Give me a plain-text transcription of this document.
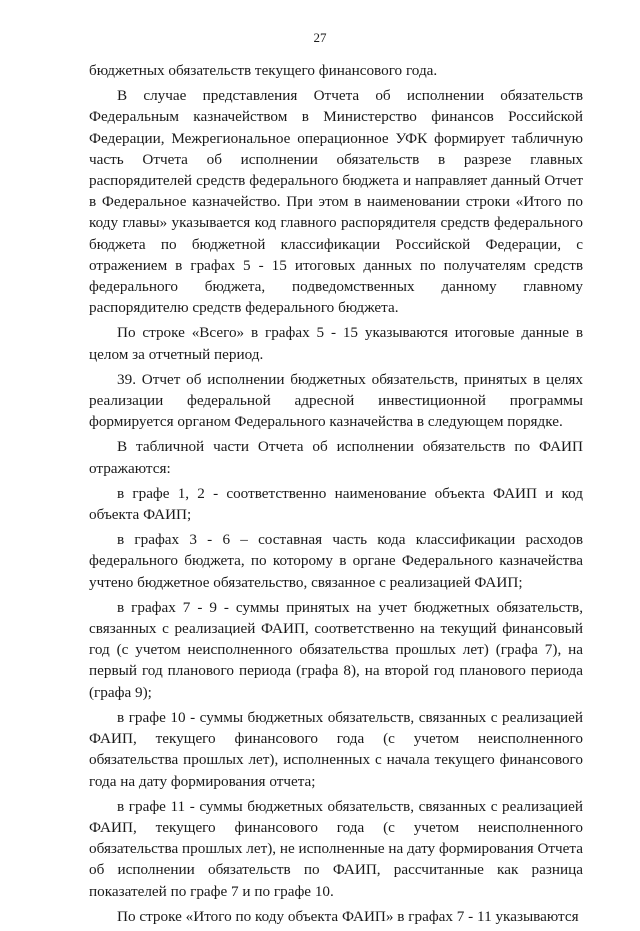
27

бюджетных обязательств текущего финансового года.

В случае представления Отчета об исполнении обязательств Федеральным казначейством в Министерство финансов Российской Федерации, Межрегиональное операционное УФК формирует табличную часть Отчета об исполнении обязательств в разрезе главных распорядителей средств федерального бюджета и направляет данный Отчет в Федеральное казначейство. При этом в наименовании строки «Итого по коду главы» указывается код главного распорядителя средств федерального бюджета по бюджетной классификации Российской Федерации, с отражением в графах 5 - 15 итоговых данных по получателям средств федерального бюджета, подведомственных данному главному распорядителю средств федерального бюджета.

По строке «Всего» в графах 5 - 15 указываются итоговые данные в целом за отчетный период.

39. Отчет об исполнении бюджетных обязательств, принятых в целях реализации федеральной адресной инвестиционной программы формируется органом Федерального казначейства в следующем порядке.

В табличной части Отчета об исполнении обязательств по ФАИП отражаются:

в графе 1, 2 - соответственно наименование объекта ФАИП и код объекта ФАИП;

в графах 3 - 6 – составная часть кода классификации расходов федерального бюджета, по которому в органе Федерального казначейства учтено бюджетное обязательство, связанное с реализацией ФАИП;

в графах 7 - 9 - суммы принятых на учет бюджетных обязательств, связанных с реализацией ФАИП, соответственно на текущий финансовый год (с учетом неисполненного обязательства прошлых лет) (графа 7), на первый год планового периода (графа 8), на второй год планового периода (графа 9);

в графе 10 - суммы бюджетных обязательств, связанных с реализацией ФАИП, текущего финансового года (с учетом неисполненного обязательства прошлых лет), исполненных с начала текущего финансового года на дату формирования отчета;

в графе 11 - суммы бюджетных обязательств, связанных с реализацией ФАИП, текущего финансового года (с учетом неисполненного обязательства прошлых лет), не исполненные на дату формирования Отчета об исполнении обязательств по ФАИП, рассчитанные как разница показателей по графе 7 и по графе 10.

По строке «Итого по коду объекта ФАИП» в графах 7 - 11 указываются
